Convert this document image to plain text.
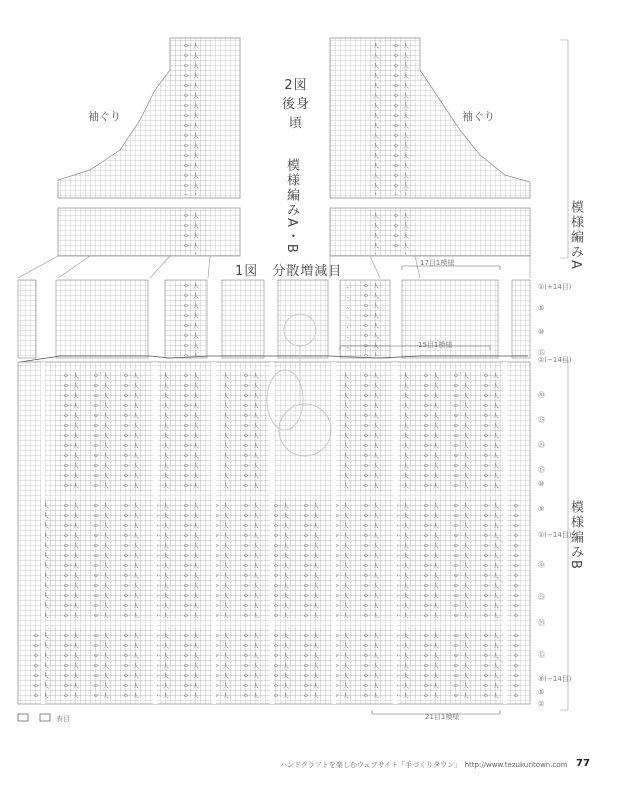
2図
後身頃
袖ぐり	袖ぐり
模様編みA・B
1図　分散増減目
17目1模様
15目1模様
21目1模様
模様編みA
模様編みB
①(+14目)
⑤
⑩
⑮
①(−14目)
㉚
㉕
⑳
⑮
⑩
⑤
①(−14目)
㉚
㉕
⑳
⑮
⑨(−14目)
⑤
①
表目
ハンドクラフトを楽しむウェブサイト「手づくりタウン」　http://www.tezukuritown.com 77
